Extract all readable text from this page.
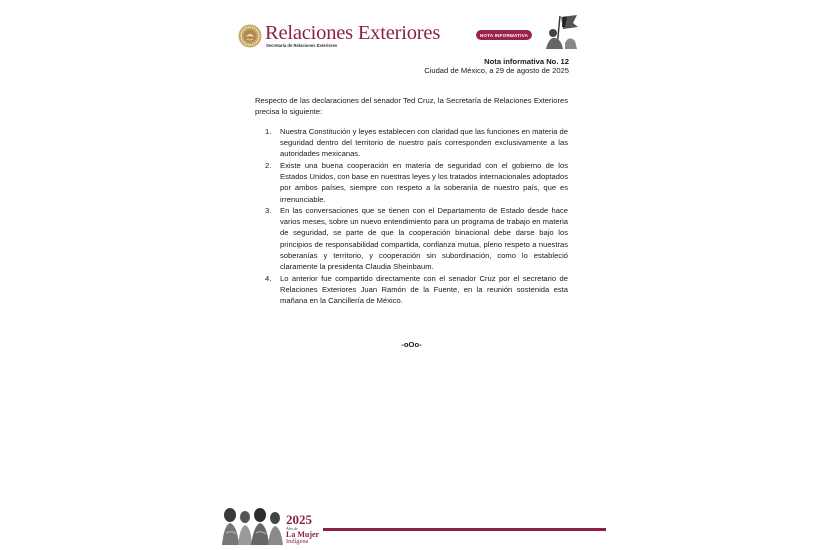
Relaciones Exteriores
Secretaría de Relaciones Exteriores
NOTA INFORMATIVA
Nota informativa No. 12
Ciudad de México, a 29 de agosto de 2025

Respecto de las declaraciones del senador Ted Cruz, la Secretaría de Relaciones Exteriores precisa lo siguiente:

1. Nuestra Constitución y leyes establecen con claridad que las funciones en materia de seguridad dentro del territorio de nuestro país corresponden exclusivamente a las autoridades mexicanas.
2. Existe una buena cooperación en materia de seguridad con el gobierno de los Estados Unidos, con base en nuestras leyes y los tratados internacionales adoptados por ambos países, siempre con respeto a la soberanía de nuestro país, que es irrenunciable.
3. En las conversaciones que se tienen con el Departamento de Estado desde hace varios meses, sobre un nuevo entendimiento para un programa de trabajo en materia de seguridad, se parte de que la cooperación binacional debe darse bajo los principios de responsabilidad compartida, confianza mutua, pleno respeto a nuestras soberanías y territorio, y cooperación sin subordinación, como lo estableció claramente la presidenta Claudia Sheinbaum.
4. Lo anterior fue compartido directamente con el senador Cruz por el secretario de Relaciones Exteriores Juan Ramón de la Fuente, en la reunión sostenida esta mañana en la Cancillería de México.
-oOo-
2025
Año de
La Mujer
Indígena
